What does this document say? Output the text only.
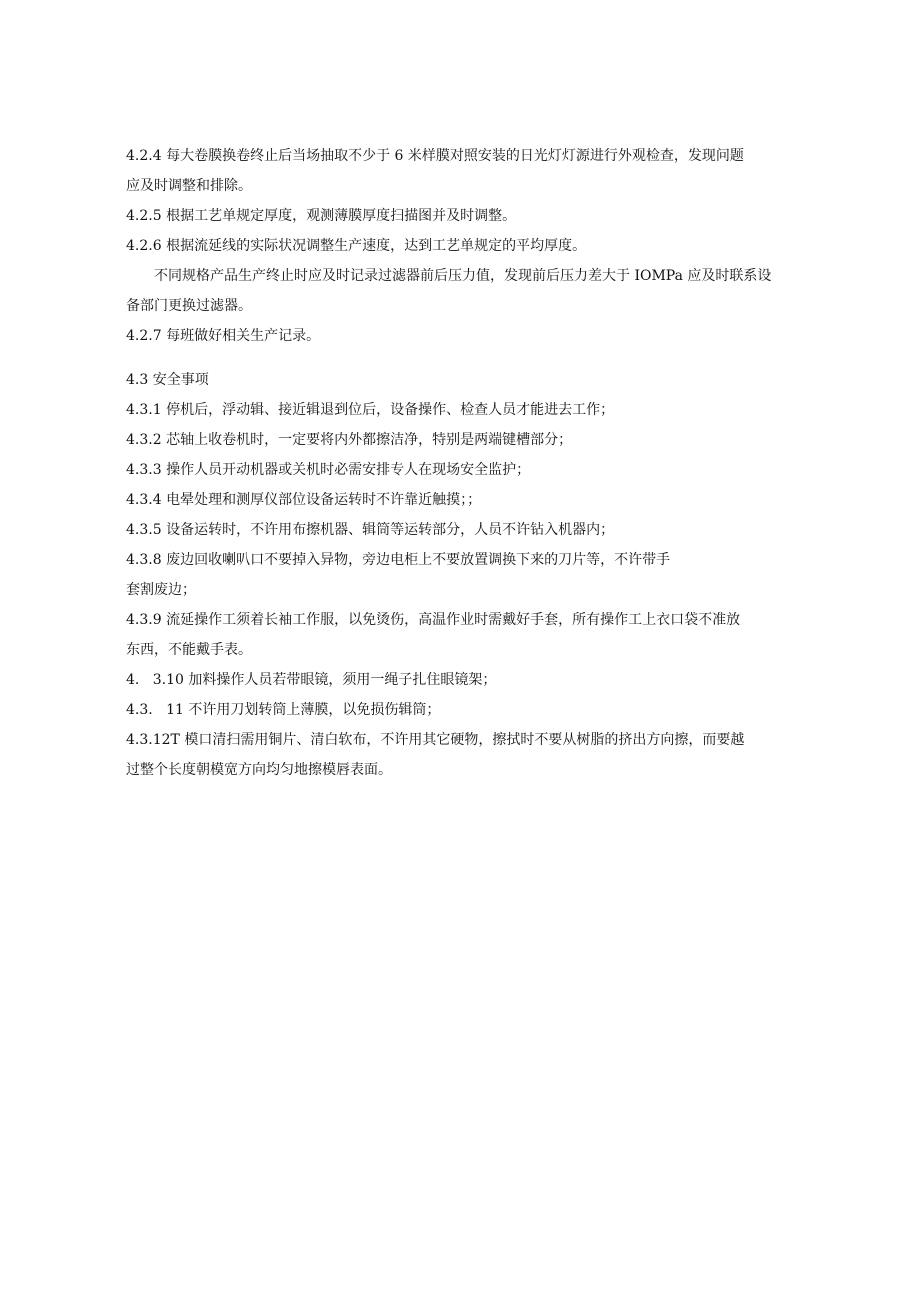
4.2.4 每大卷膜换卷终止后当场抽取不少于 6 米样膜对照安装的日光灯灯源进行外观检查，发现问题

应及时调整和排除。

4.2.5 根据工艺单规定厚度，观测薄膜厚度扫描图并及时调整。

4.2.6 根据流延线的实际状况调整生产速度，达到工艺单规定的平均厚度。

不同规格产品生产终止时应及时记录过滤器前后压力值，发现前后压力差大于 IOMPa 应及时联系设

备部门更换过滤器。

4.2.7 每班做好相关生产记录。

4.3 安全事项

4.3.1 停机后，浮动辑、接近辑退到位后，设备操作、检查人员才能进去工作；

4.3.2 芯轴上收卷机时，一定要将内外都擦洁净，特别是两端键槽部分；

4.3.3 操作人员开动机器或关机时必需安排专人在现场安全监护；

4.3.4 电晕处理和测厚仪部位设备运转时不许靠近触摸；；

4.3.5 设备运转时，不许用布擦机器、辑筒等运转部分，人员不许钻入机器内；

4.3.8 废边回收喇叭口不要掉入异物，旁边电柜上不要放置调换下来的刀片等，不许带手

套割废边；

4.3.9 流延操作工须着长袖工作服，以免烫伤，高温作业时需戴好手套，所有操作工上衣口袋不准放

东西，不能戴手表。

4.   3.10 加料操作人员若带眼镜，须用一绳子扎住眼镜架；

4.3.   11 不许用刀划转筒上薄膜，以免损伤辑筒；

4.3.12T 模口清扫需用铜片、清白软布，不许用其它硬物，擦拭时不要从树脂的挤出方向擦，而要越

过整个长度朝模宽方向均匀地擦模唇表面。
